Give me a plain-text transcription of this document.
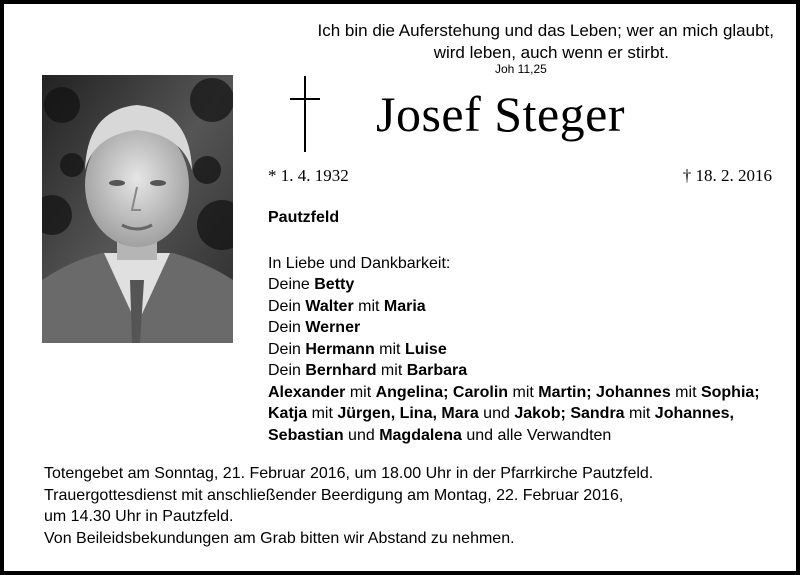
Ich bin die Auferstehung und das Leben; wer an mich glaubt,
wird leben, auch wenn er stirbt.
Joh 11,25
Josef Steger
* 1. 4. 1932	† 18. 2. 2016
Pautzfeld
In Liebe und Dankbarkeit:
Deine Betty
Dein Walter mit Maria
Dein Werner
Dein Hermann mit Luise
Dein Bernhard mit Barbara
Alexander mit Angelina; Carolin mit Martin; Johannes mit Sophia;
Katja mit Jürgen, Lina, Mara und Jakob; Sandra mit Johannes,
Sebastian und Magdalena und alle Verwandten
Totengebet am Sonntag, 21. Februar 2016, um 18.00 Uhr in der Pfarrkirche Pautzfeld.
Trauergottesdienst mit anschließender Beerdigung am Montag, 22. Februar 2016,
um 14.30 Uhr in Pautzfeld.
Von Beileidsbekundungen am Grab bitten wir Abstand zu nehmen.
